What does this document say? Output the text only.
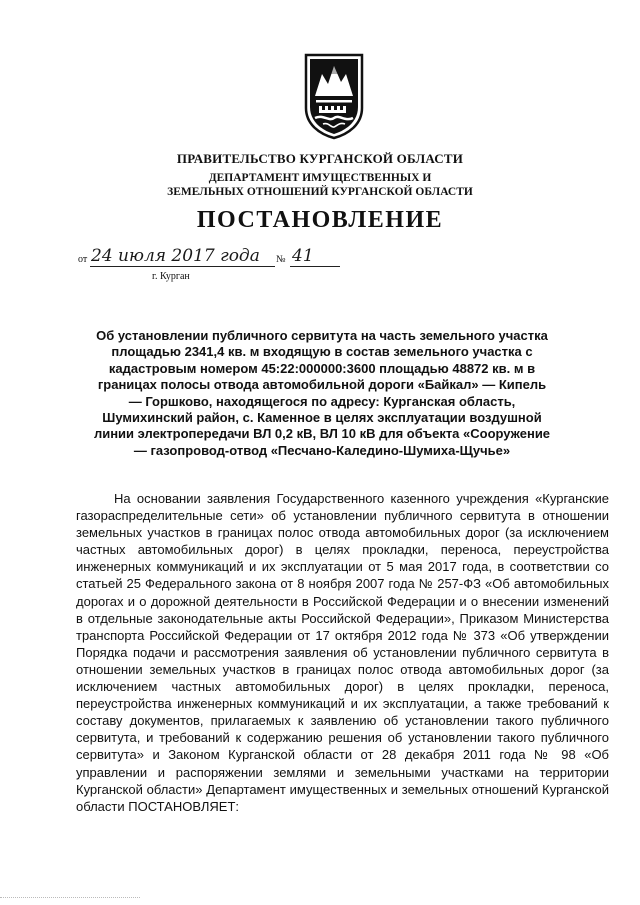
ПРАВИТЕЛЬСТВО КУРГАНСКОЙ ОБЛАСТИ
ДЕПАРТАМЕНТ ИМУЩЕСТВЕННЫХ И
ЗЕМЕЛЬНЫХ ОТНОШЕНИЙ КУРГАНСКОЙ ОБЛАСТИ
ПОСТАНОВЛЕНИЕ
от 24 июля 2017 года № 41
г. Курган
Об установлении публичного сервитута на часть земельного участка площадью 2341,4 кв. м входящую в состав земельного участка с кадастровым номером 45:22:000000:3600 площадью 48872 кв. м в границах полосы отвода автомобильной дороги «Байкал» — Кипель — Горшково, находящегося по адресу: Курганская область, Шумихинский район, с. Каменное в целях эксплуатации воздушной линии электропередачи ВЛ 0,2 кВ, ВЛ 10 кВ для объекта «Сооружение — газопровод-отвод «Песчано-Каледино-Шумиха-Щучье»
На основании заявления Государственного казенного учреждения «Курганские газораспределительные сети» об установлении публичного сервитута в отношении земельных участков в границах полос отвода автомобильных дорог (за исключением частных автомобильных дорог) в целях прокладки, переноса, переустройства инженерных коммуникаций и их эксплуатации от 5 мая 2017 года, в соответствии со статьей 25 Федерального закона от 8 ноября 2007 года № 257-ФЗ «Об автомобильных дорогах и о дорожной деятельности в Российской Федерации и о внесении изменений в отдельные законодательные акты Российской Федерации», Приказом Министерства транспорта Российской Федерации от 17 октября 2012 года № 373 «Об утверждении Порядка подачи и рассмотрения заявления об установлении публичного сервитута в отношении земельных участков в границах полос отвода автомобильных дорог (за исключением частных автомобильных дорог) в целях прокладки, переноса, переустройства инженерных коммуникаций и их эксплуатации, а также требований к составу документов, прилагаемых к заявлению об установлении такого публичного сервитута, и требований к содержанию решения об установлении такого публичного сервитута» и Законом Курганской области от 28 декабря 2011 года № 98 «Об управлении и распоряжении землями и земельными участками на территории Курганской области» Департамент имущественных и земельных отношений Курганской области ПОСТАНОВЛЯЕТ:
